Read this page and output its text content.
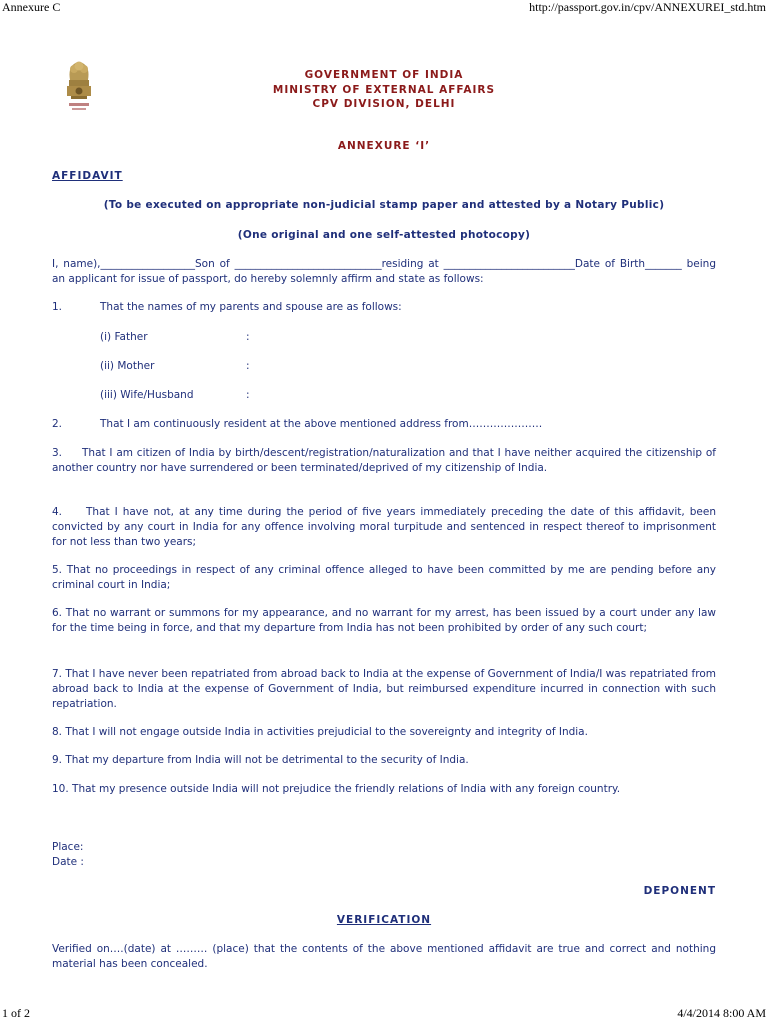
Annexure C	http://passport.gov.in/cpv/ANNEXUREI_std.htm
GOVERNMENT OF INDIA
MINISTRY OF EXTERNAL AFFAIRS
CPV DIVISION, DELHI
ANNEXURE ‘I’
AFFIDAVIT
(To be executed on appropriate non-judicial stamp paper and attested by a Notary Public)
(One original and one self-attested photocopy)
I, name),__________________Son of ____________________________residing at _________________________Date of Birth_______ being an applicant for issue of passport, do hereby solemnly affirm and state as follows:
1.	That the names of my parents and spouse are as follows:
(i) Father	:
(ii) Mother	:
(iii) Wife/Husband	:
2.	That I am continuously resident at the above mentioned address from…………………
3. That I am citizen of India by birth/descent/registration/naturalization and that I have neither acquired the citizenship of another country nor have surrendered or been terminated/deprived of my citizenship of India.
4. That I have not, at any time during the period of five years immediately preceding the date of this affidavit, been convicted by any court in India for any offence involving moral turpitude and sentenced in respect thereof to imprisonment for not less than two years;
5. That no proceedings in respect of any criminal offence alleged to have been committed by me are pending before any criminal court in India;
6. That no warrant or summons for my appearance, and no warrant for my arrest, has been issued by a court under any law for the time being in force, and that my departure from India has not been prohibited by order of any such court;
7. That I have never been repatriated from abroad back to India at the expense of Government of India/I was repatriated from abroad back to India at the expense of Government of India, but reimbursed expenditure incurred in connection with such repatriation.
8. That I will not engage outside India in activities prejudicial to the sovereignty and integrity of India.
9. That my departure from India will not be detrimental to the security of India.
10. That my presence outside India will not prejudice the friendly relations of India with any foreign country.
Place:
Date :
DEPONENT
VERIFICATION
Verified on….(date) at ……… (place) that the contents of the above mentioned affidavit are true and correct and nothing material has been concealed.
1 of 2	4/4/2014 8:00 AM
